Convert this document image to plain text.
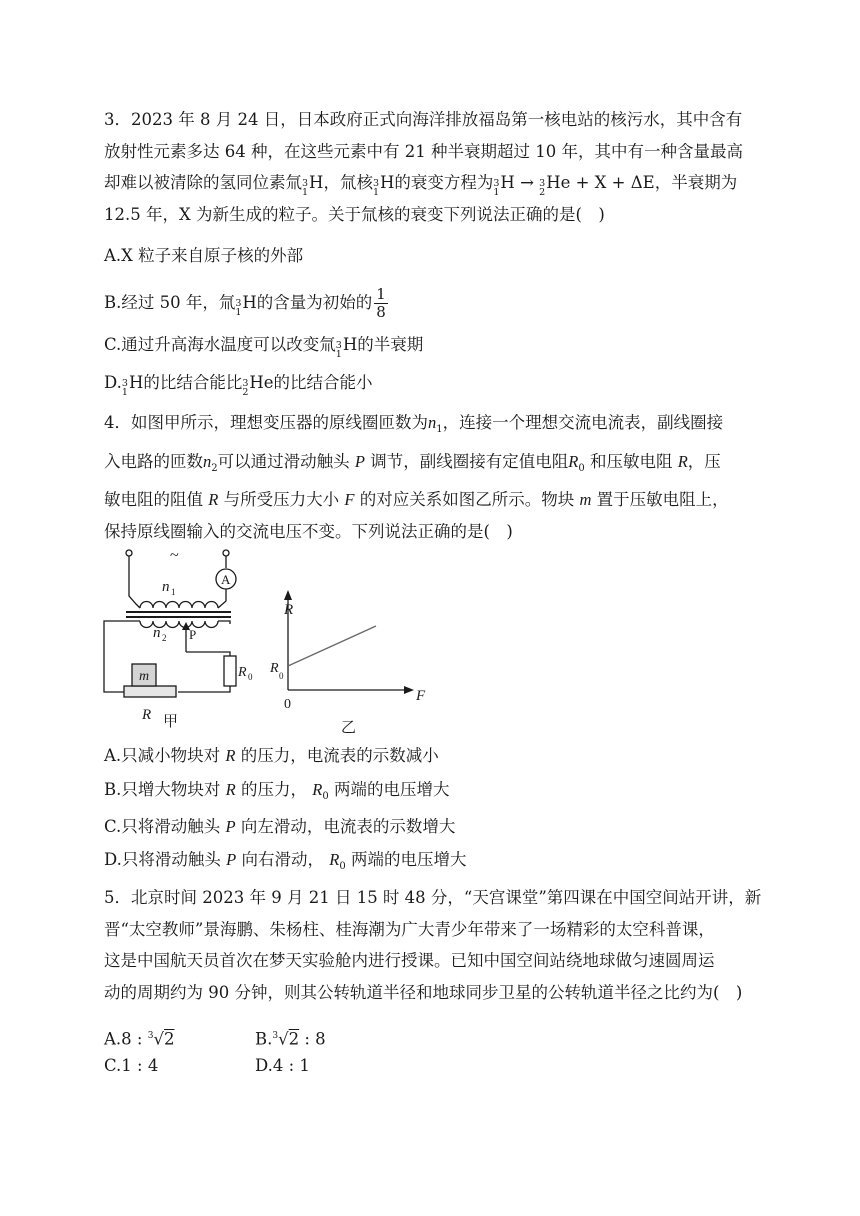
3．2023 年 8 月 24 日，日本政府正式向海洋排放福岛第一核电站的核污水，其中含有
放射性元素多达 64 种，在这些元素中有 21 种半衰期超过 10 年，其中有一种含量最高
却难以被清除的氢同位素氚 3
1
H，氚核 3
1
H的衰变方程为 3
1
H → 3
2
He + X + ΔE，半衰期为
12.5 年，X 为新生成的粒子。关于氚核的衰变下列说法正确的是(　)
A.X 粒子来自原子核的外部
B.经过 50 年，氚 3
1
H的含量为初始的 $\frac{1}{8}$
C.通过升高海水温度可以改变氚 3
1
H的半衰期
D. 3
1
H的比结合能比 3
2
He的比结合能小
4．如图甲所示，理想变压器的原线圈匝数为$n_1$，连接一个理想交流电流表，副线圈接
入电路的匝数$n_2$可以通过滑动触头 P 调节，副线圈接有定值电阻$R_0$ 和压敏电阻 R，压
敏电阻的阻值 R 与所受压力大小 F 的对应关系如图乙所示。物块 m 置于压敏电阻上，
保持原线圈输入的交流电压不变。下列说法正确的是(　)
~
A
n 1
n 2 P
R 0
m
R 甲
R
F
R 0
0
乙
A.只减小物块对 R 的压力，电流表的示数减小
B.只增大物块对 R 的压力， $R_0$ 两端的电压增大
C.只将滑动触头 P 向左滑动，电流表的示数增大
D.只将滑动触头 P 向右滑动， $R_0$ 两端的电压增大
5．北京时间 2023 年 9 月 21 日 15 时 48 分，“天宫课堂”第四课在中国空间站开讲，新
晋“太空教师”景海鹏、朱杨柱、桂海潮为广大青少年带来了一场精彩的太空科普课，
这是中国航天员首次在梦天实验舱内进行授课。已知中国空间站绕地球做匀速圆周运
动的周期约为 90 分钟，则其公转轨道半径和地球同步卫星的公转轨道半径之比约为(　)
A.8 : $^3$√2	B.$^3$√2 : 8
C.1 : 4	D.4 : 1
